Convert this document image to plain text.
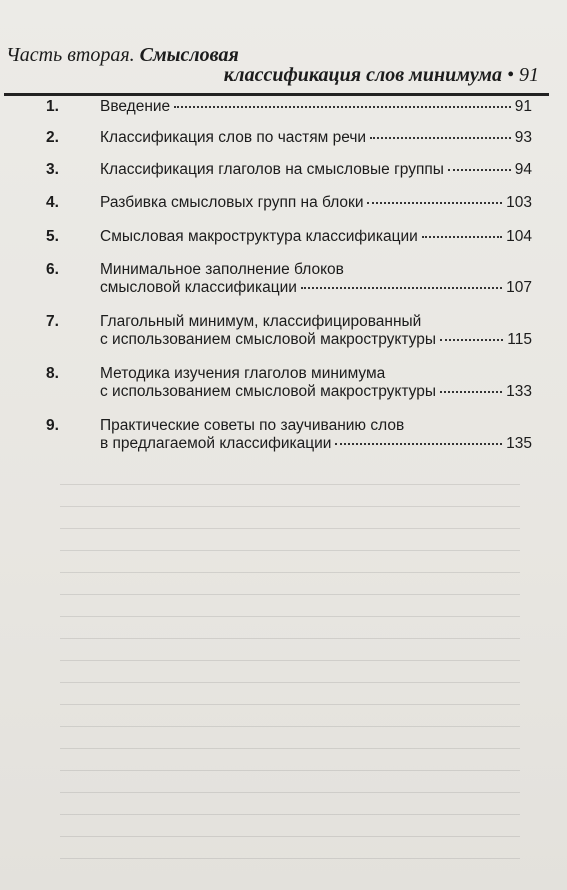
Часть вторая. Смысловая
классификация слов минимума • 91
1.	Введение	91
2.	Классификация слов по частям речи	93
3.	Классификация глаголов на смысловые группы	94
4.	Разбивка смысловых групп на блоки	103
5.	Смысловая макроструктура классификации	104
6.	Минимальное заполнение блоков
смысловой классификации	107
7.	Глагольный минимум, классифицированный
с использованием смысловой макроструктуры	115
8.	Методика изучения глаголов минимума
с использованием смысловой макроструктуры	133
9.	Практические советы по заучиванию слов
в предлагаемой классификации	135
